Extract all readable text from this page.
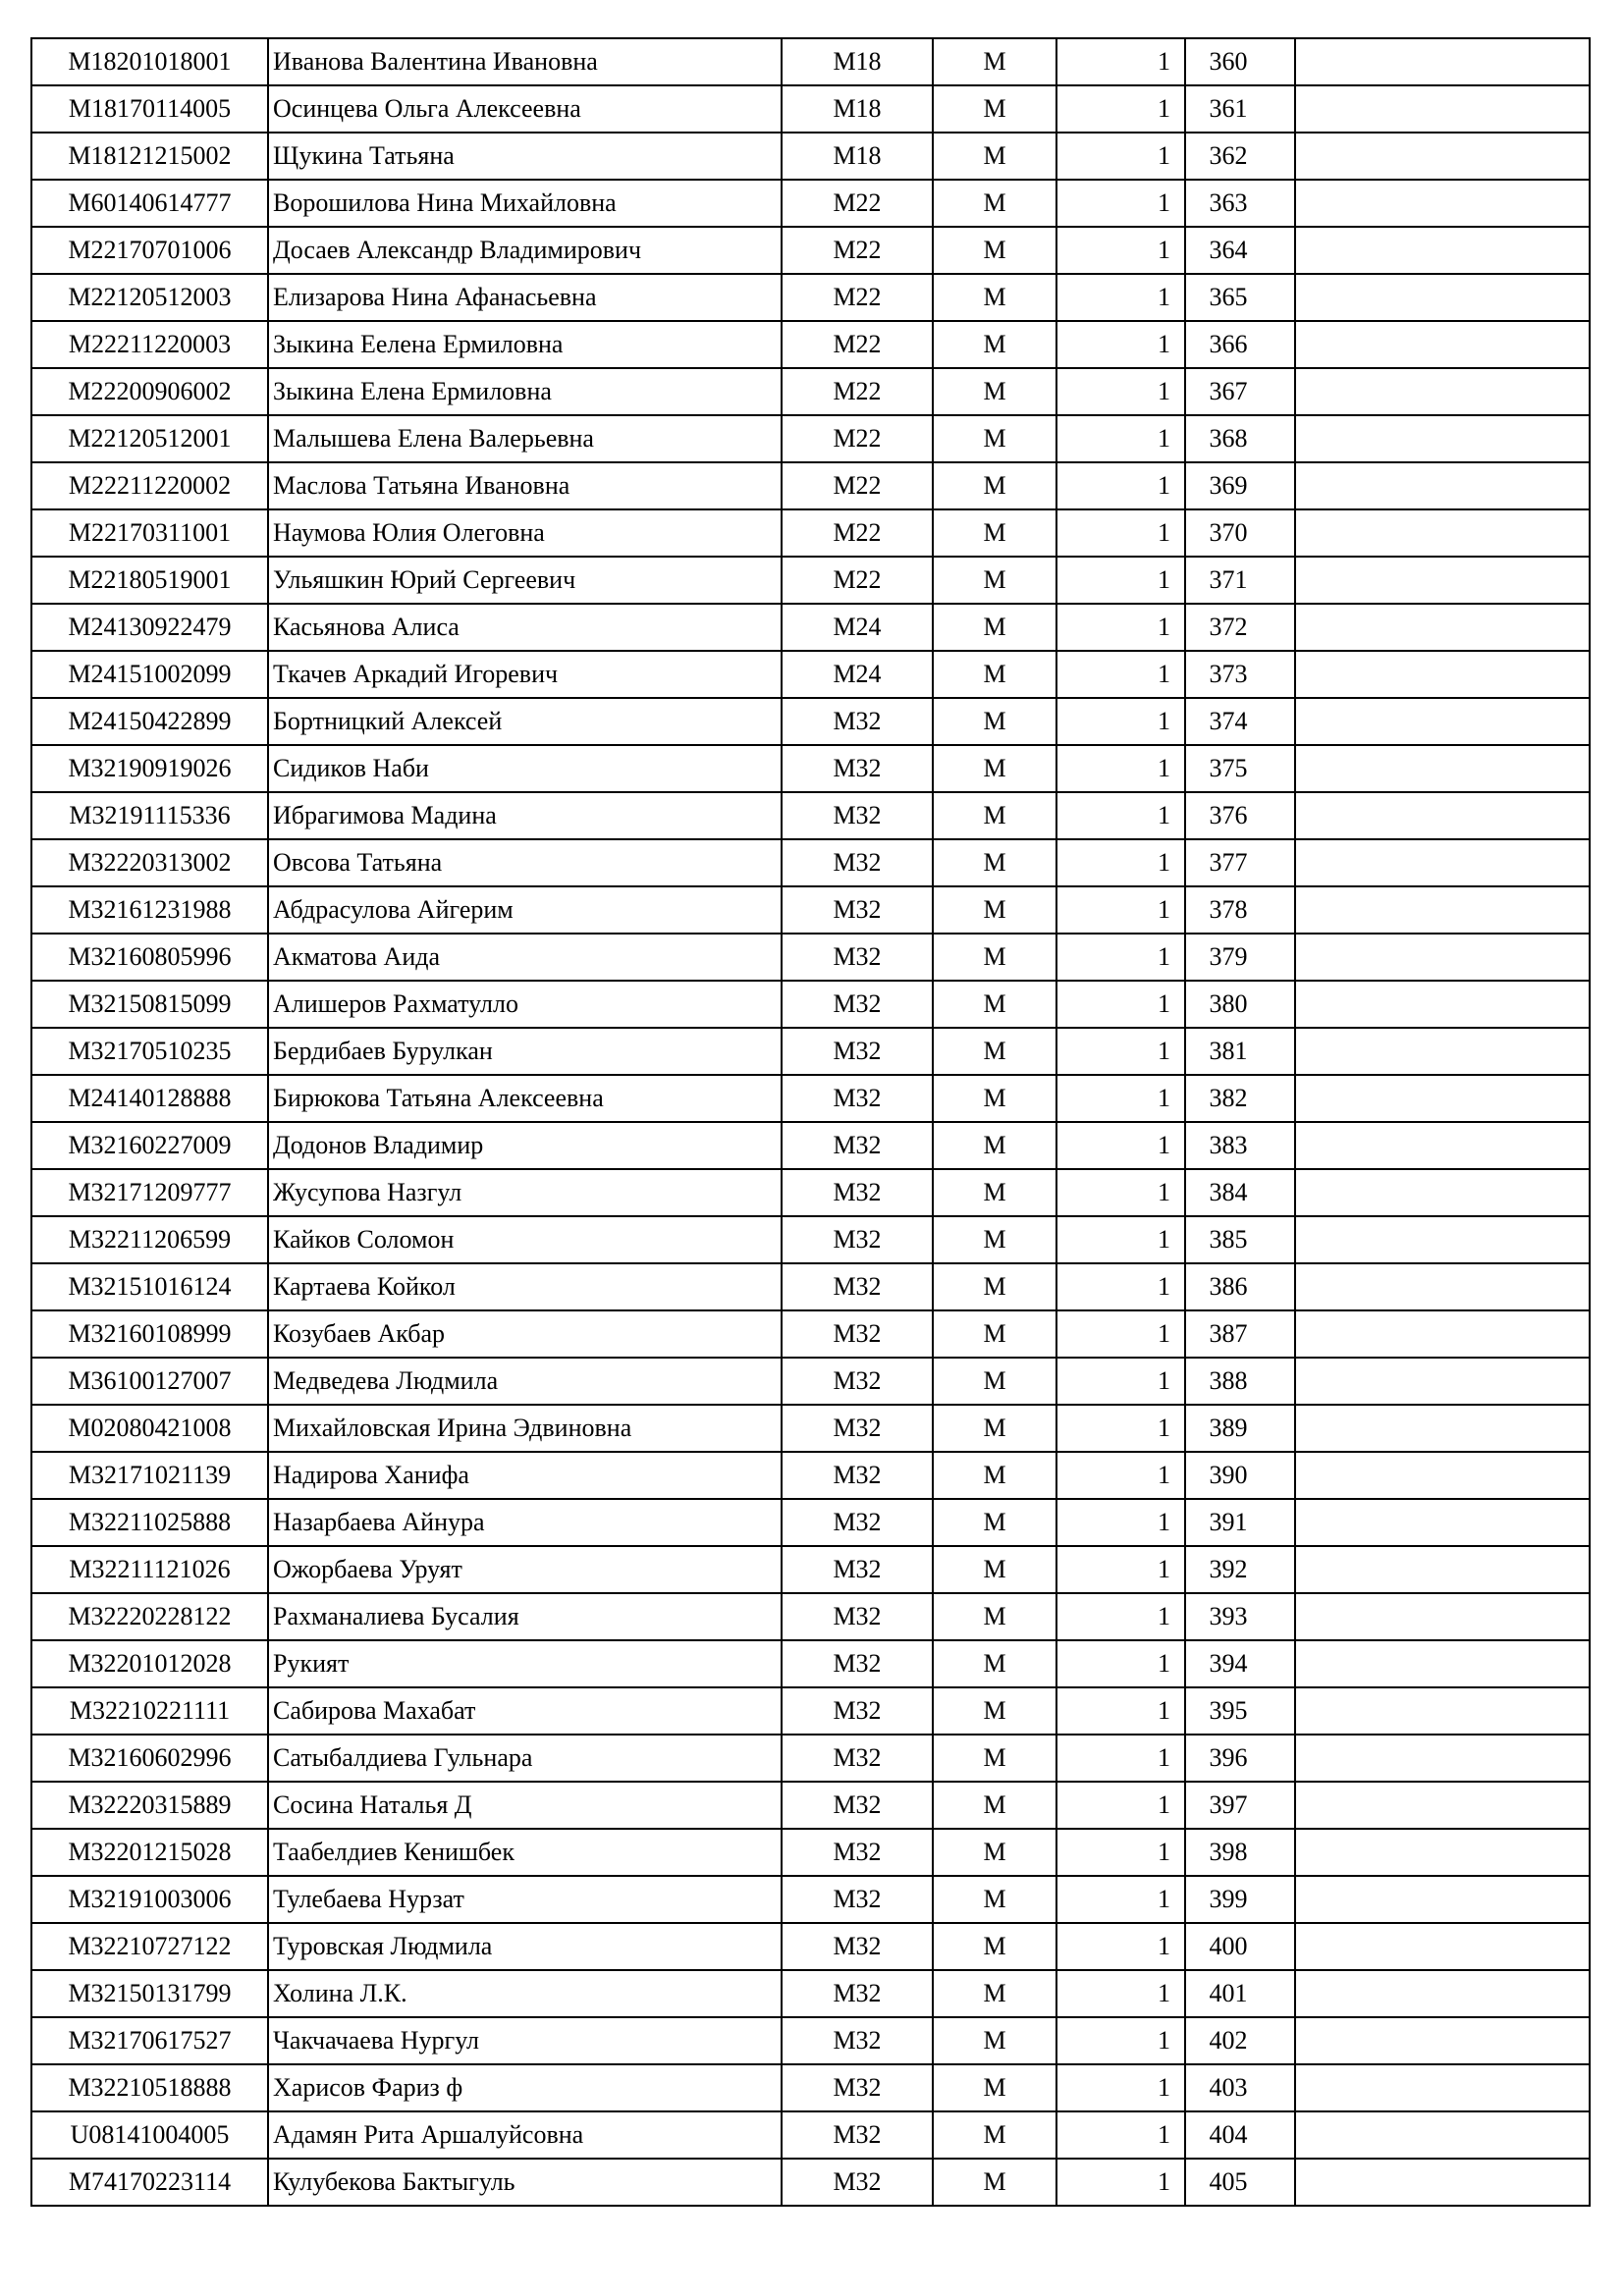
M18201018001	Иванова Валентина Ивановна	M18	M	1	360	
M18170114005	Осинцева Ольга Алексеевна	M18	M	1	361	
M18121215002	Щукина Татьяна	M18	M	1	362	
M60140614777	Ворошилова Нина Михайловна	M22	M	1	363	
M22170701006	Досаев Александр Владимирович	M22	M	1	364	
M22120512003	Елизарова Нина Афанасьевна	M22	M	1	365	
M22211220003	Зыкина Еелена Ермиловна	M22	M	1	366	
M22200906002	Зыкина Елена Ермиловна	M22	M	1	367	
M22120512001	Малышева Елена Валерьевна	M22	M	1	368	
M22211220002	Маслова Татьяна Ивановна	M22	M	1	369	
M22170311001	Наумова Юлия Олеговна	M22	M	1	370	
M22180519001	Ульяшкин Юрий Сергеевич	M22	M	1	371	
M24130922479	Касьянова Алиса	M24	M	1	372	
M24151002099	Ткачев Аркадий Игоревич	M24	M	1	373	
M24150422899	Бортницкий Алексей	M32	M	1	374	
M32190919026	Сидиков Наби	M32	M	1	375	
M32191115336	Ибрагимова Мадина	M32	M	1	376	
M32220313002	Овсова Татьяна	M32	M	1	377	
M32161231988	Абдрасулова Айгерим	M32	M	1	378	
M32160805996	Акматова Аида	M32	M	1	379	
M32150815099	Алишеров Рахматулло	M32	M	1	380	
M32170510235	Бердибаев Бурулкан	M32	M	1	381	
M24140128888	Бирюкова Татьяна Алексеевна	M32	M	1	382	
M32160227009	Додонов Владимир	M32	M	1	383	
M32171209777	Жусупова Назгул	M32	M	1	384	
M32211206599	Кайков Соломон	M32	M	1	385	
M32151016124	Картаева Койкол	M32	M	1	386	
M32160108999	Козубаев Акбар	M32	M	1	387	
M36100127007	Медведева Людмила	M32	M	1	388	
M02080421008	Михайловская Ирина Эдвиновна	M32	M	1	389	
M32171021139	Надирова Ханифа	M32	M	1	390	
M32211025888	Назарбаева Айнура	M32	M	1	391	
M32211121026	Ожорбаева Уруят	M32	M	1	392	
M32220228122	Рахманалиева Бусалия	M32	M	1	393	
M32201012028	Рукият	M32	M	1	394	
M32210221111	Сабирова Махабат	M32	M	1	395	
M32160602996	Сатыбалдиева Гульнара	M32	M	1	396	
M32220315889	Сосина Наталья Д	M32	M	1	397	
M32201215028	Таабелдиев Кенишбек	M32	M	1	398	
M32191003006	Тулебаева Нурзат	M32	M	1	399	
M32210727122	Туровская Людмила	M32	M	1	400	
M32150131799	Холина Л.К.	M32	M	1	401	
M32170617527	Чакчачаева Нургул	M32	M	1	402	
M32210518888	Харисов Фариз ф	M32	M	1	403	
U08141004005	Адамян Рита Аршалуйсовна	M32	M	1	404	
M74170223114	Кулубекова Бактыгуль	M32	M	1	405	
